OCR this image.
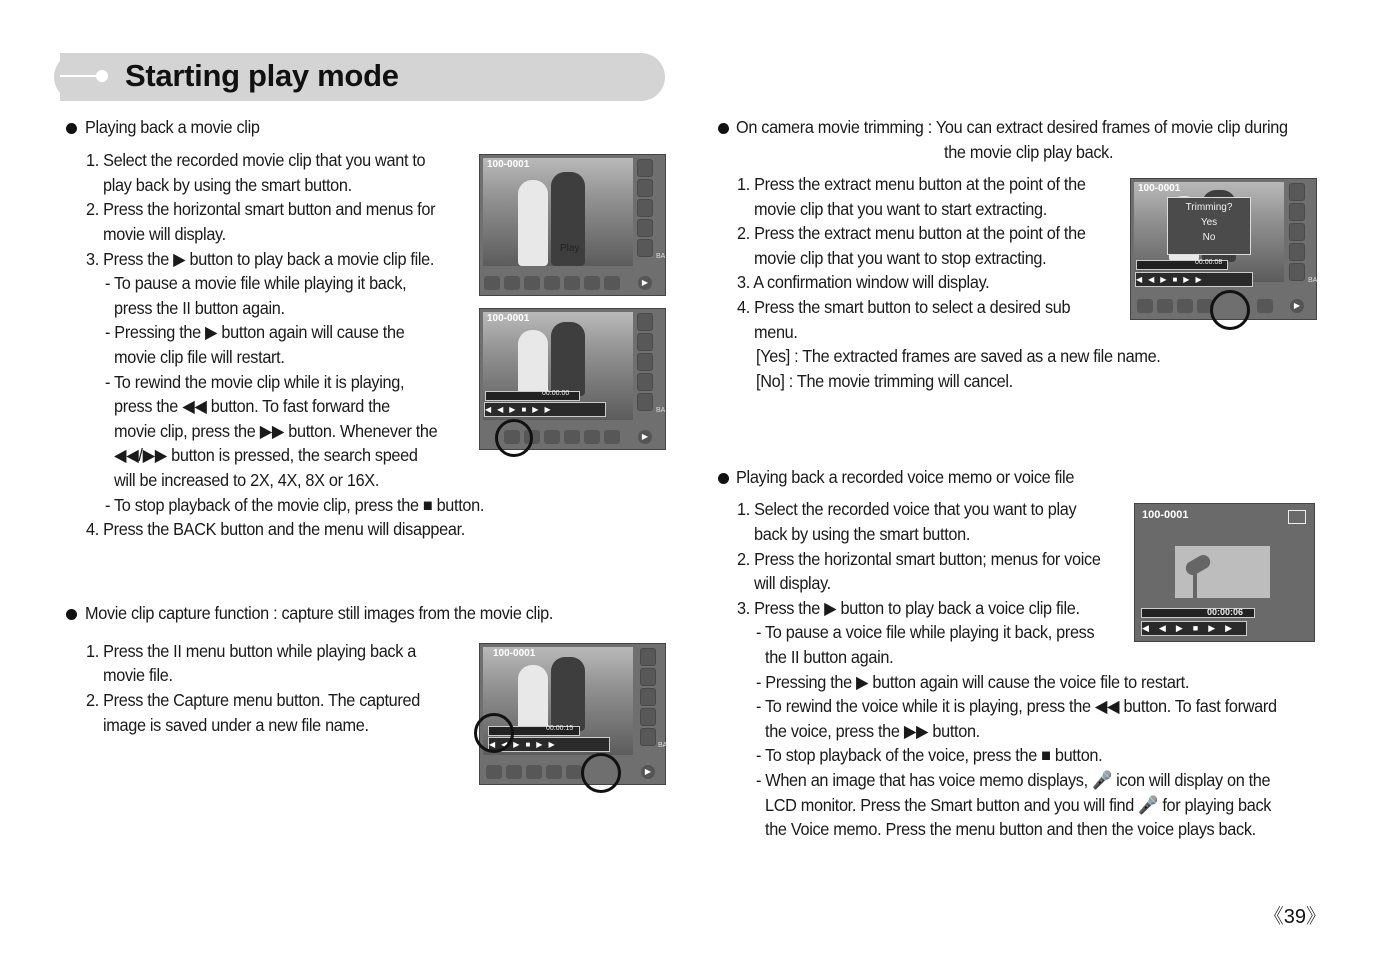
Starting play mode
Playing back a movie clip
1. Select the recorded movie clip that you want to
play back by using the smart button.
2. Press the horizontal smart button and menus for
movie will display.
3. Press the ▶ button to play back a movie clip file.
- To pause a movie file while playing it back,
press the II button again.
- Pressing the ▶ button again will cause the
movie clip file will restart.
- To rewind the movie clip while it is playing,
press the ◀◀ button. To fast forward the
movie clip, press the ▶▶ button. Whenever the
◀◀/▶▶ button is pressed, the search speed
will be increased to 2X, 4X, 8X or 16X.
- To stop playback of the movie clip, press the ■ button.
4. Press the BACK button and the menu will disappear.
Movie clip capture function : capture still images from the movie clip.
1. Press the II menu button while playing back a
movie file.
2. Press the Capture menu button. The captured
image is saved under a new file name.
100-0001
Play
BA
▶
100-0001
00:00:00
◀◀▶■▶▶	BA
▶
100-0001
00:00:15
◀◀▶■▶▶	BA
▶
On camera movie trimming : You can extract desired frames of movie clip during
the movie clip play back.
1. Press the extract menu button at the point of the
movie clip that you want to start extracting.
2. Press the extract menu button at the point of the
movie clip that you want to stop extracting.
3. A confirmation window will display.
4. Press the smart button to select a desired sub
menu.
[Yes] : The extracted frames are saved as a new file name.
[No] : The movie trimming will cancel.
100-0001
Trimming?
Yes
No
00:00:08
◀◀▶■▶▶	BA
▶
Playing back a recorded voice memo or voice file
1. Select the recorded voice that you want to play
back by using the smart button.
2. Press the horizontal smart button; menus for voice
will display.
3. Press the ▶ button to play back a voice clip file.
- To pause a voice file while playing it back, press
the II button again.
- Pressing the ▶ button again will cause the voice file to restart.
- To rewind the voice while it is playing, press the ◀◀ button. To fast forward
the voice, press the ▶▶ button.
- To stop playback of the voice, press the ■ button.
- When an image that has voice memo displays, 🎤 icon will display on the
LCD monitor. Press the Smart button and you will find 🎤 for playing back
the Voice memo. Press the menu button and then the voice plays back.
100-0001
00:00:06
◀◀▶■▶▶
《39》
